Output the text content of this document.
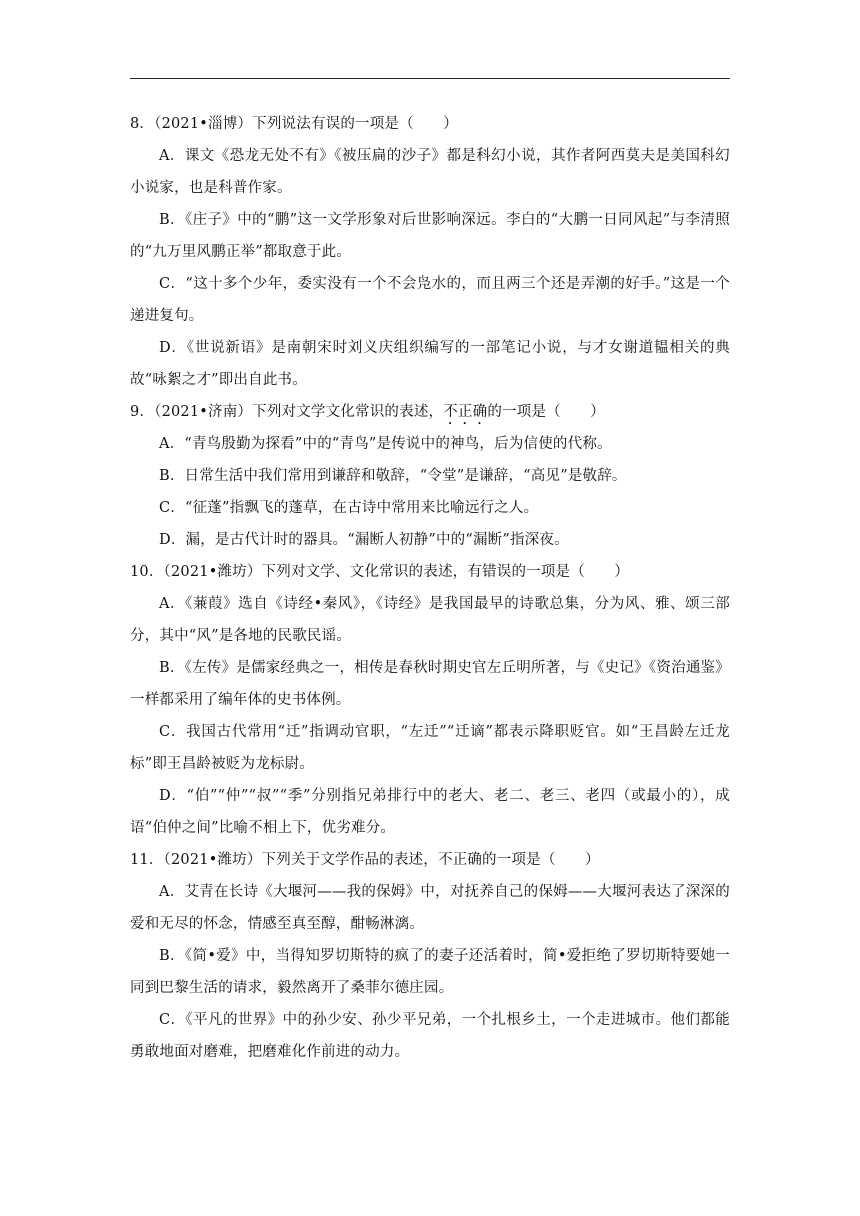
8．（2021•淄博）下列说法有误的一项是（　　）

A．课文《恐龙无处不有》《被压扁的沙子》都是科幻小说，其作者阿西莫夫是美国科幻小说家，也是科普作家。

B．《庄子》中的“鹏”这一文学形象对后世影响深远。李白的“大鹏一日同风起”与李清照的“九万里风鹏正举”都取意于此。

C．“这十多个少年，委实没有一个不会凫水的，而且两三个还是弄潮的好手。”这是一个递进复句。

D．《世说新语》是南朝宋时刘义庆组织编写的一部笔记小说，与才女谢道韫相关的典故“咏絮之才”即出自此书。

9．（2021•济南）下列对文学文化常识的表述，不正确的一项是（　　）

A．“青鸟殷勤为探看”中的“青鸟”是传说中的神鸟，后为信使的代称。

B．日常生活中我们常用到谦辞和敬辞，“令堂”是谦辞，“高见”是敬辞。

C．“征蓬”指飘飞的蓬草，在古诗中常用来比喻远行之人。

D．漏，是古代计时的器具。“漏断人初静”中的“漏断”指深夜。

10．（2021•潍坊）下列对文学、文化常识的表述，有错误的一项是（　　）

A．《蒹葭》选自《诗经•秦风》，《诗经》是我国最早的诗歌总集，分为风、雅、颂三部分，其中“风”是各地的民歌民谣。

B．《左传》是儒家经典之一，相传是春秋时期史官左丘明所著，与《史记》《资治通鉴》一样都采用了编年体的史书体例。

C．我国古代常用“迁”指调动官职，“左迁”“迁谪”都表示降职贬官。如“王昌龄左迁龙标”即王昌龄被贬为龙标尉。

D．“伯”“仲”“叔”“季”分别指兄弟排行中的老大、老二、老三、老四（或最小的），成语“伯仲之间”比喻不相上下，优劣难分。

11．（2021•潍坊）下列关于文学作品的表述，不正确的一项是（　　）

A．艾青在长诗《大堰河——我的保姆》中，对抚养自己的保姆——大堰河表达了深深的爱和无尽的怀念，情感至真至醇，酣畅淋漓。

B．《简•爱》中，当得知罗切斯特的疯了的妻子还活着时，简•爱拒绝了罗切斯特要她一同到巴黎生活的请求，毅然离开了桑菲尔德庄园。

C．《平凡的世界》中的孙少安、孙少平兄弟，一个扎根乡土，一个走进城市。他们都能勇敢地面对磨难，把磨难化作前进的动力。
